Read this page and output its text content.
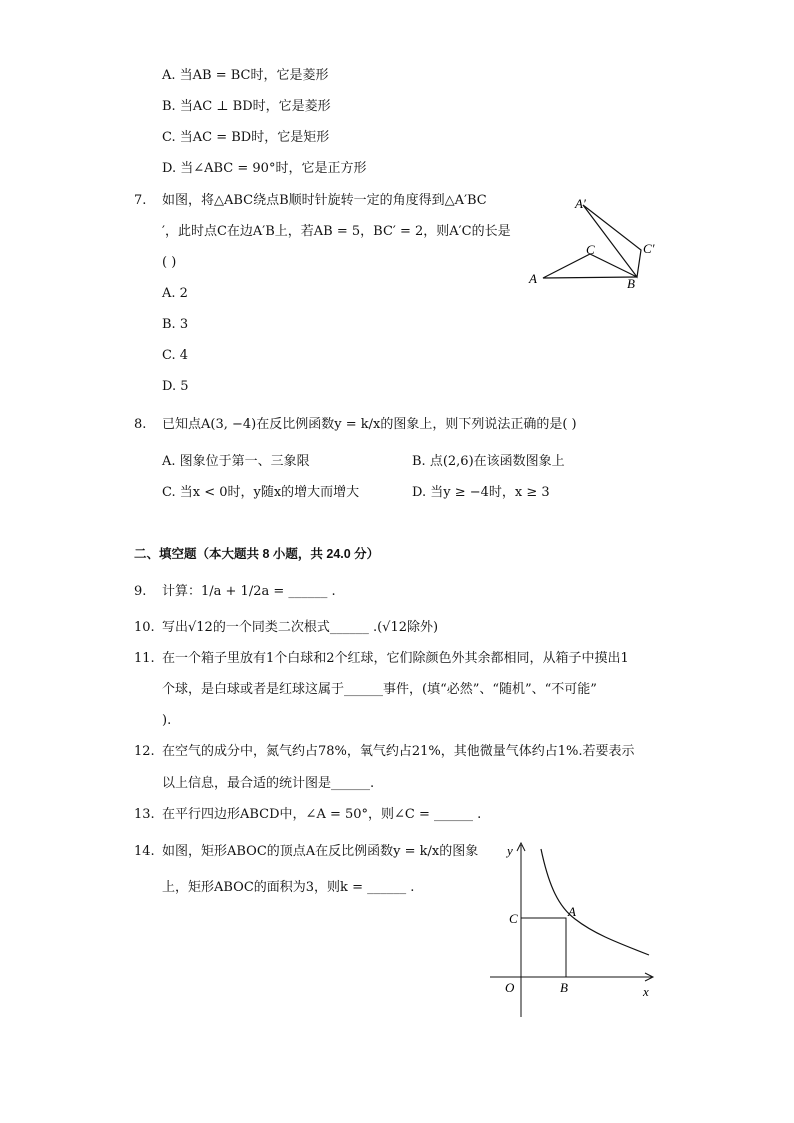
A. 当AB = BC时，它是菱形
B. 当AC ⊥ BD时，它是菱形
C. 当AC = BD时，它是矩形
D. 当∠ABC = 90°时，它是正方形
7. 如图，将△ABC绕点B顺时针旋转一定的角度得到△A′BC
′，此时点C在边A′B上，若AB = 5，BC′ = 2，则A′C的长是
( )
A. 2
B. 3
C. 4
D. 5
A
A′
C	C′
B
8. 已知点A(3, −4)在反比例函数y = k/x的图象上，则下列说法正确的是( )
A. 图象位于第一、三象限	B. 点(2,6)在该函数图象上
C. 当x < 0时，y随x的增大而增大	D. 当y ≥ −4时，x ≥ 3
二、填空题（本大题共 8 小题，共 24.0 分）
9. 计算：1/a + 1/2a = ______ .
10. 写出√12的一个同类二次根式______ .(√12除外)
11. 在一个箱子里放有1个白球和2个红球，它们除颜色外其余都相同，从箱子中摸出1
个球，是白球或者是红球这属于______事件，(填“必然”、“随机”、“不可能”
).
12. 在空气的成分中，氮气约占78%，氧气约占21%，其他微量气体约占1%.若要表示
以上信息，最合适的统计图是______.
13. 在平行四边形ABCD中，∠A = 50°，则∠C = ______ .
14. 如图，矩形ABOC的顶点A在反比例函数y = k/x的图象
上，矩形ABOC的面积为3，则k = ______ .
y
x
O	B
C	A
